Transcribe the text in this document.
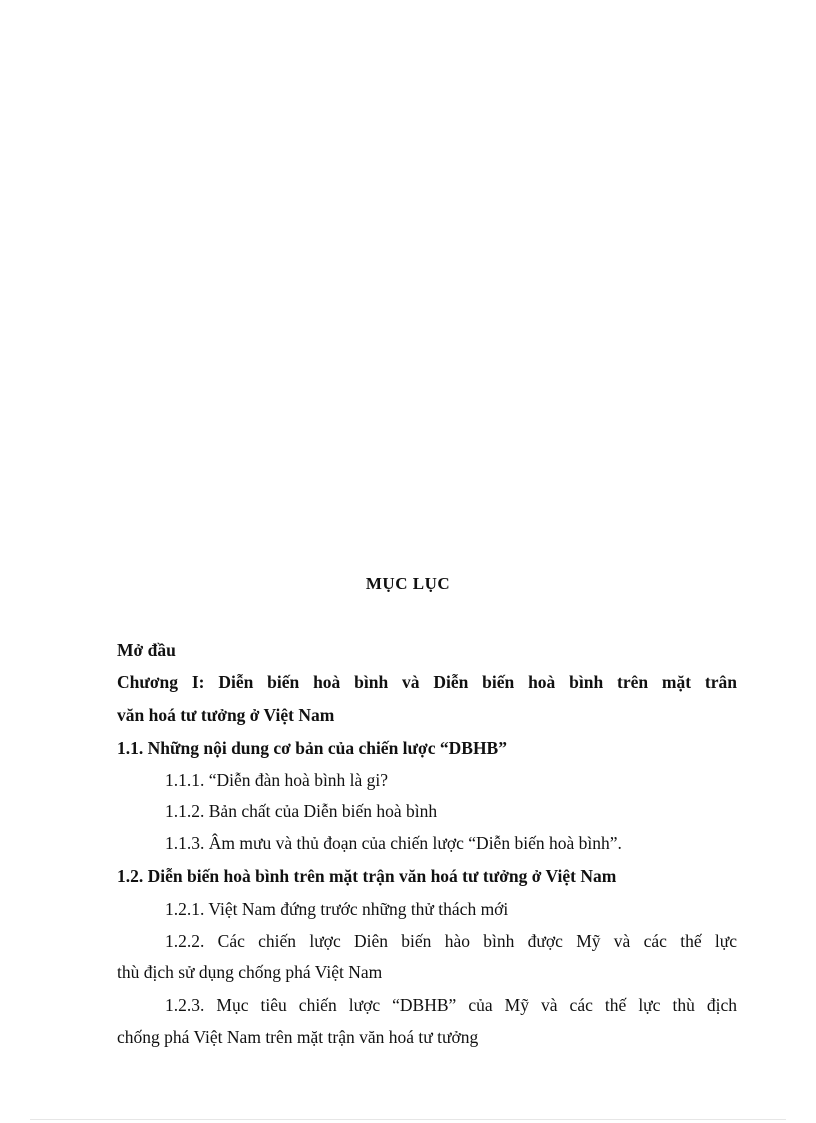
MỤC LỤC
Mở đầu
Chương I: Diễn biến hoà bình và Diễn biến hoà bình trên mặt trân
văn hoá tư tưởng ở Việt Nam
1.1. Những nội dung cơ bản của chiến lược “DBHB”
1.1.1. “Diễn đàn hoà bình là gi?
1.1.2. Bản chất của Diễn biến hoà bình
1.1.3. Âm mưu và thủ đoạn của chiến lược “Diễn biến hoà bình”.
1.2. Diễn biến hoà bình trên mặt trận văn hoá tư tưởng ở Việt Nam
1.2.1. Việt Nam đứng trước những thử thách mới
1.2.2. Các chiến lược Diên biến hào bình được Mỹ và các thế lực
thù địch sử dụng chống phá Việt Nam
1.2.3. Mục tiêu chiến lược “DBHB” của Mỹ và các thế lực thù địch
chống phá Việt Nam trên mặt trận văn hoá tư tưởng
